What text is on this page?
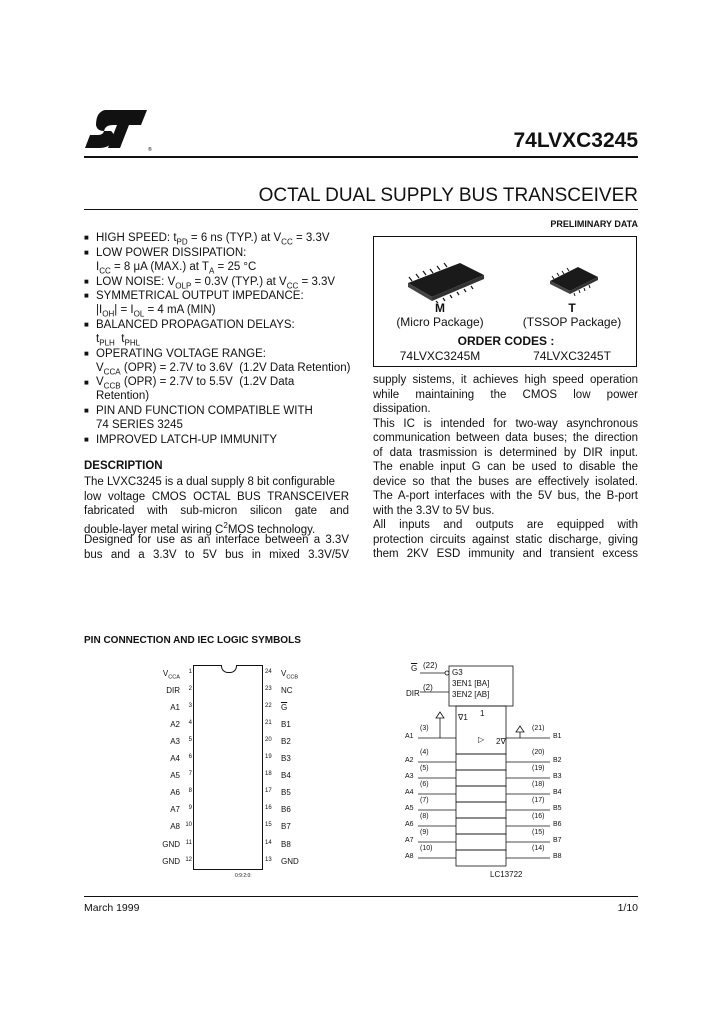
®	74LVXC3245
OCTAL DUAL SUPPLY BUS TRANSCEIVER
PRELIMINARY DATA
■ HIGH SPEED: $t_{PD} = 6$ ns (TYP.) at $V_{CC} = 3.3V$
■ LOW POWER DISSIPATION:
$I_{CC} = 8$ μA (MAX.) at $T_A = 25$ °C
■ LOW NOISE: $V_{OLP} = 0.3V$ (TYP.) at $V_{CC} = 3.3V$
■ SYMMETRICAL OUTPUT IMPEDANCE:
$|I_{OH}| = I_{OL} = 4$ mA (MIN)
■ BALANCED PROPAGATION DELAYS:
$t_{PLH}$  $t_{PHL}$
■ OPERATING VOLTAGE RANGE:
$V_{CCA}$ (OPR) = 2.7V to 3.6V  (1.2V Data Retention)
■ $V_{CCB}$ (OPR) = 2.7V to 5.5V  (1.2V Data
Retention)
■ PIN AND FUNCTION COMPATIBLE WITH
74 SERIES 3245
■ IMPROVED LATCH-UP IMMUNITY
M
(Micro Package)
T
(TSSOP Package)
ORDER CODES :
74LVXC3245M	74LVXC3245T
DESCRIPTION
The LVXC3245 is a dual supply 8 bit configurable
low voltage CMOS OCTAL BUS TRANSCEIVER
fabricated with sub-micron silicon gate and
double-layer metal wiring $C^2MOS$ technology.
Designed for use as an interface between a 3.3V
bus and a 3.3V to 5V bus in mixed 3.3V/5V
supply sistems, it achieves high speed operation
while maintaining the CMOS low power
dissipation.
This IC is intended for two-way asynchronous
communication between data buses; the direction
of data trasmission is determined by DIR input.
The enable input G can be used to disable the
device so that the buses are effectively isolated.
The A-port interfaces with the 5V bus, the B-port
with the 3.3V to 5V bus.
All inputs and outputs are equipped with
protection circuits against static discharge, giving
them 2KV ESD immunity and transient excess
PIN CONNECTION AND IEC LOGIC SYMBOLS
$V_{CCA}$
1
DIR	2
A1	3
A2	4
A3	5
A4	6
A5	7
A6	8
A7	9
A8 10
GND 11
GND 12
24 $V_{CCB}$
23 NC
22 $\overline{G}$
21 B1
20 B2
19 B3
18 B4
17 B5
16 B6
15 B7
14 B8
13 GND
0:9:2:0:
$\overline{G}$ (22)
DIR
(2)
G3
3EN1 [BA]
3EN2 [AB]
∇1 1
▷ 2∇
LC13722
A1
(3)
A2
(4)
A3
(5)
A4
(6)
A5
(7)
A6
(8)
A7
(9)
A8
(10)
(21)
B1
(20)
B2
(19)
B3
(18)
B4
(17)
B5
(16)
B6
(15)
B7
(14)
B8
March 1999	1/10
